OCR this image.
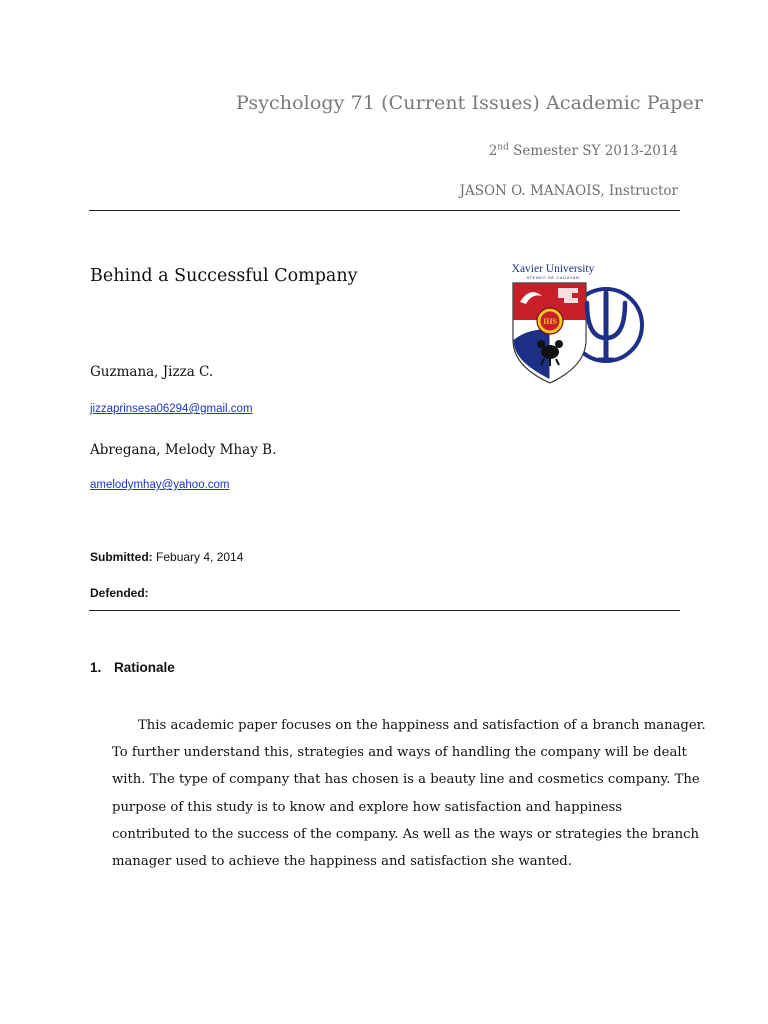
Psychology 71 (Current Issues) Academic Paper
2nd Semester SY 2013-2014
JASON O. MANAOIS, Instructor
Behind a Successful Company
Guzmana, Jizza C.
jizzaprinsesa06294@gmail.com
Abregana, Melody Mhay B.
amelodymhay@yahoo.com
Submitted: Febuary 4, 2014
Defended:
Xavier University
ATENEO DE CAGAYAN
IHS
1. Rationale
This academic paper focuses on the happiness and satisfaction of a branch manager.
To further understand this, strategies and ways of handling the company will be dealt
with. The type of company that has chosen is a beauty line and cosmetics company. The
purpose of this study is to know and explore how satisfaction and happiness
contributed to the success of the company. As well as the ways or strategies the branch
manager used to achieve the happiness and satisfaction she wanted.
